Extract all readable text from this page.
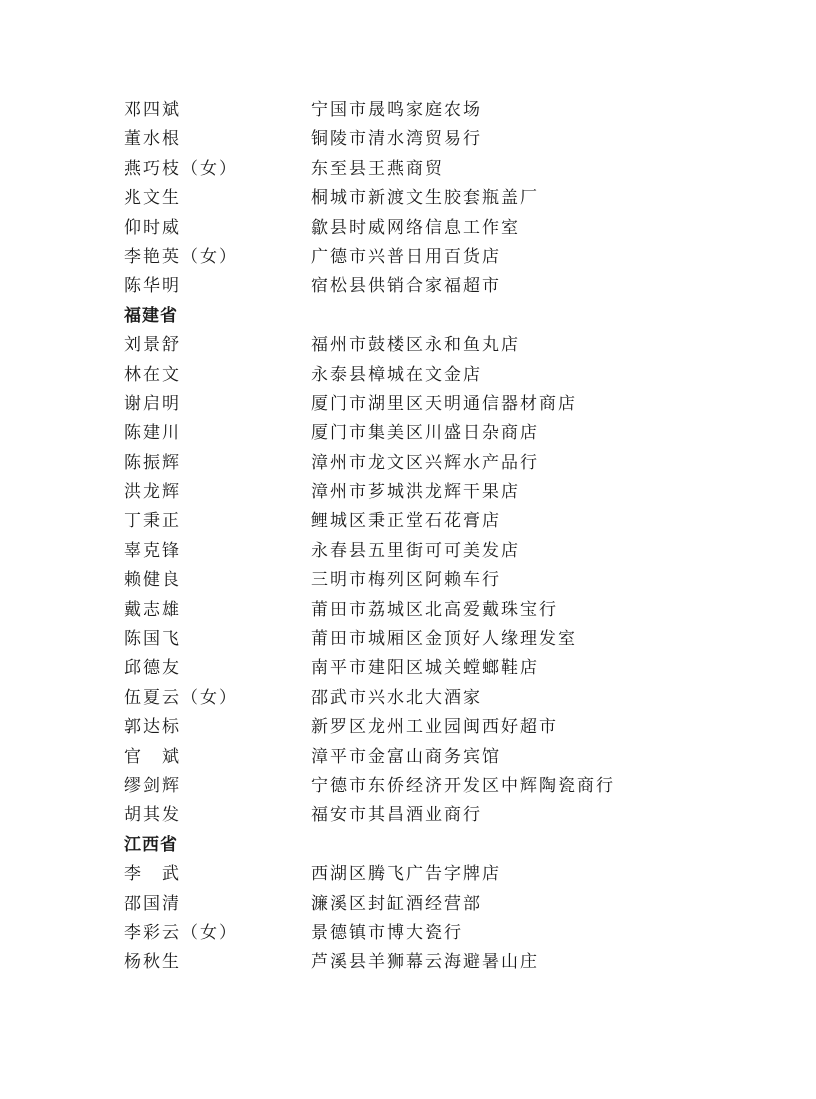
邓四斌	宁国市晟鸣家庭农场
董水根	铜陵市清水湾贸易行
燕巧枝（女）	东至县王燕商贸
兆文生	桐城市新渡文生胶套瓶盖厂
仰时威	歙县时威网络信息工作室
李艳英（女）	广德市兴普日用百货店
陈华明	宿松县供销合家福超市
福建省
刘景舒	福州市鼓楼区永和鱼丸店
林在文	永泰县樟城在文金店
谢启明	厦门市湖里区天明通信器材商店
陈建川	厦门市集美区川盛日杂商店
陈振辉	漳州市龙文区兴辉水产品行
洪龙辉	漳州市芗城洪龙辉干果店
丁秉正	鲤城区秉正堂石花膏店
辜克锋	永春县五里街可可美发店
赖健良	三明市梅列区阿赖车行
戴志雄	莆田市荔城区北高爱戴珠宝行
陈国飞	莆田市城厢区金顶好人缘理发室
邱德友	南平市建阳区城关螳螂鞋店
伍夏云（女）	邵武市兴水北大酒家
郭达标	新罗区龙州工业园闽西好超市
官　斌	漳平市金富山商务宾馆
缪剑辉	宁德市东侨经济开发区中辉陶瓷商行
胡其发	福安市其昌酒业商行
江西省
李　武	西湖区腾飞广告字牌店
邵国清	濂溪区封缸酒经营部
李彩云（女）	景德镇市博大瓷行
杨秋生	芦溪县羊狮幕云海避暑山庄
